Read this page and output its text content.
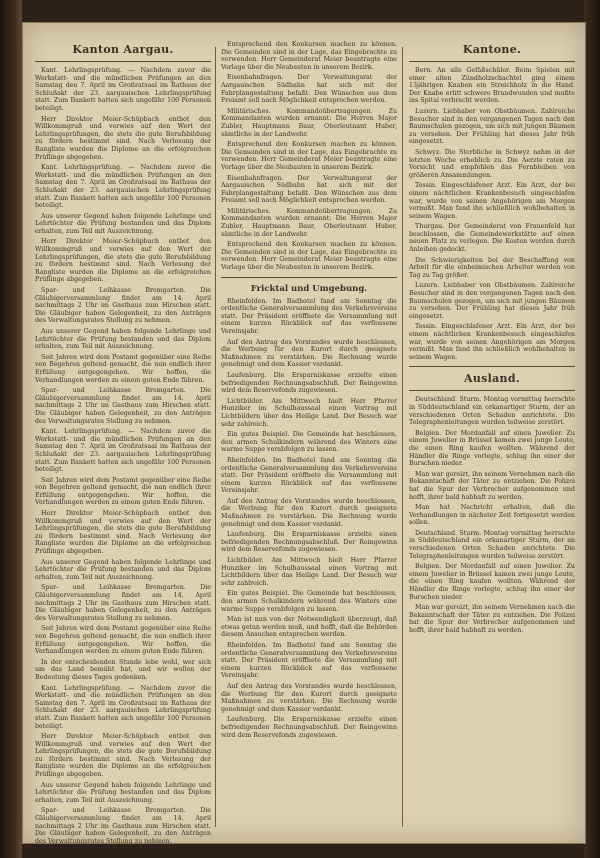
Kanton Aargau.

Kant. Lehrlingsprüfung. — Nachdem zuvor die Werkstatt- und die mündlichen Prüfungen an den Samstag den 7. April im Großratsaal im Rathaus der Schlußakt der 23. aargauischen Lehrlingsprüfung statt. Zum Bankett hatten sich ungefähr 100 Personen beteiligt.

Herr Direktor Meier-Schüpbach entbot den Willkommgruß und verwies auf den Wert der Lehrlingsprüfungen, die stets die gute Berufsbildung zu fördern bestimmt sind. Nach Verlesung der Rangliste wurden die Diplome an die erfolgreichen Prüflinge abgegeben.

Kant. Lehrlingsprüfung. — Nachdem zuvor die Werkstatt- und die mündlichen Prüfungen an den Samstag den 7. April im Großratsaal im Rathaus der Schlußakt der 23. aargauischen Lehrlingsprüfung statt. Zum Bankett hatten sich ungefähr 100 Personen beteiligt.

Aus unserer Gegend haben folgende Lehrlinge und Lehrtöchter die Prüfung bestanden und das Diplom erhalten, zum Teil mit Auszeichnung.

Herr Direktor Meier-Schüpbach entbot den Willkommgruß und verwies auf den Wert der Lehrlingsprüfungen, die stets die gute Berufsbildung zu fördern bestimmt sind. Nach Verlesung der Rangliste wurden die Diplome an die erfolgreichen Prüflinge abgegeben.

Spar- und Leihkasse Bremgarten. Die Gläubigerversammlung findet am 14. April nachmittags 2 Uhr im Gasthaus zum Hirschen statt. Die Gläubiger haben Gelegenheit, zu den Anträgen des Verwaltungsrates Stellung zu nehmen.

Aus unserer Gegend haben folgende Lehrlinge und Lehrtöchter die Prüfung bestanden und das Diplom erhalten, zum Teil mit Auszeichnung.

Seit Jahren wird dem Postamt gegenüber eine Reihe von Begehren geltend gemacht, die nun endlich ihrer Erfüllung entgegengehen. Wir hoffen, die Verhandlungen werden zu einem guten Ende führen.

Spar- und Leihkasse Bremgarten. Die Gläubigerversammlung findet am 14. April nachmittags 2 Uhr im Gasthaus zum Hirschen statt. Die Gläubiger haben Gelegenheit, zu den Anträgen des Verwaltungsrates Stellung zu nehmen.

Kant. Lehrlingsprüfung. — Nachdem zuvor die Werkstatt- und die mündlichen Prüfungen an den Samstag den 7. April im Großratsaal im Rathaus der Schlußakt der 23. aargauischen Lehrlingsprüfung statt. Zum Bankett hatten sich ungefähr 100 Personen beteiligt.

Seit Jahren wird dem Postamt gegenüber eine Reihe von Begehren geltend gemacht, die nun endlich ihrer Erfüllung entgegengehen. Wir hoffen, die Verhandlungen werden zu einem guten Ende führen.

Herr Direktor Meier-Schüpbach entbot den Willkommgruß und verwies auf den Wert der Lehrlingsprüfungen, die stets die gute Berufsbildung zu fördern bestimmt sind. Nach Verlesung der Rangliste wurden die Diplome an die erfolgreichen Prüflinge abgegeben.

Aus unserer Gegend haben folgende Lehrlinge und Lehrtöchter die Prüfung bestanden und das Diplom erhalten, zum Teil mit Auszeichnung.

Spar- und Leihkasse Bremgarten. Die Gläubigerversammlung findet am 14. April nachmittags 2 Uhr im Gasthaus zum Hirschen statt. Die Gläubiger haben Gelegenheit, zu den Anträgen des Verwaltungsrates Stellung zu nehmen.

Seit Jahren wird dem Postamt gegenüber eine Reihe von Begehren geltend gemacht, die nun endlich ihrer Erfüllung entgegengehen. Wir hoffen, die Verhandlungen werden zu einem guten Ende führen.

In der entscheidenden Stunde lebe wohl, wer sich um das Land bemüht hat, und wir wollen der Bedeutung dieses Tages gedenken.

Kant. Lehrlingsprüfung. — Nachdem zuvor die Werkstatt- und die mündlichen Prüfungen an den Samstag den 7. April im Großratsaal im Rathaus der Schlußakt der 23. aargauischen Lehrlingsprüfung statt. Zum Bankett hatten sich ungefähr 100 Personen beteiligt.

Herr Direktor Meier-Schüpbach entbot den Willkommgruß und verwies auf den Wert der Lehrlingsprüfungen, die stets die gute Berufsbildung zu fördern bestimmt sind. Nach Verlesung der Rangliste wurden die Diplome an die erfolgreichen Prüflinge abgegeben.

Aus unserer Gegend haben folgende Lehrlinge und Lehrtöchter die Prüfung bestanden und das Diplom erhalten, zum Teil mit Auszeichnung.

Spar- und Leihkasse Bremgarten. Die Gläubigerversammlung findet am 14. April nachmittags 2 Uhr im Gasthaus zum Hirschen statt. Die Gläubiger haben Gelegenheit, zu den Anträgen des Verwaltungsrates Stellung zu nehmen.

Entsprechend den Konkursen machen zu können. Die Gemeinden sind in der Lage, das Eingebrachte zu verwenden. Herr Gemeinderat Meier beantragte eine Vorlage über die Neubauten in unserem Bezirk.

Eisenbahnfragen. Der Verwaltungsrat der Aargauischen Südbahn hat sich mit der Fahrplangestaltung befaßt. Den Wünschen aus dem Freiamt soll nach Möglichkeit entsprochen werden.

Militärisches. Kommandoübertragungen. Zu Kommandanten wurden ernannt: Die Herren Major Zubler, Hauptmann Baur, Oberleutnant Huber, sämtliche in der Landwehr.

Entsprechend den Konkursen machen zu können. Die Gemeinden sind in der Lage, das Eingebrachte zu verwenden. Herr Gemeinderat Meier beantragte eine Vorlage über die Neubauten in unserem Bezirk.

Eisenbahnfragen. Der Verwaltungsrat der Aargauischen Südbahn hat sich mit der Fahrplangestaltung befaßt. Den Wünschen aus dem Freiamt soll nach Möglichkeit entsprochen werden.

Militärisches. Kommandoübertragungen. Zu Kommandanten wurden ernannt: Die Herren Major Zubler, Hauptmann Baur, Oberleutnant Huber, sämtliche in der Landwehr.

Entsprechend den Konkursen machen zu können. Die Gemeinden sind in der Lage, das Eingebrachte zu verwenden. Herr Gemeinderat Meier beantragte eine Vorlage über die Neubauten in unserem Bezirk.

Fricktal und Umgebung.

Rheinfelden. Im Badhotel fand am Sonntag die ordentliche Generalversammlung des Verkehrsvereins statt. Der Präsident eröffnete die Versammlung mit einem kurzen Rückblick auf das verflossene Vereinsjahr.

Auf den Antrag des Vorstandes wurde beschlossen, die Werbung für den Kurort durch geeignete Maßnahmen zu verstärken. Die Rechnung wurde genehmigt und dem Kassier verdankt.

Laufenburg. Die Ersparniskasse erzielte einen befriedigenden Rechnungsabschluß. Der Reingewinn wird dem Reservefonds zugewiesen.

Lichtbilder. Am Mittwoch hielt Herr Pfarrer Hunziker im Schulhaussaal einen Vortrag mit Lichtbildern über das Heilige Land. Der Besuch war sehr zahlreich.

Ein gutes Beispiel. Die Gemeinde hat beschlossen, den armen Schulkindern während des Winters eine warme Suppe verabfolgen zu lassen.

Rheinfelden. Im Badhotel fand am Sonntag die ordentliche Generalversammlung des Verkehrsvereins statt. Der Präsident eröffnete die Versammlung mit einem kurzen Rückblick auf das verflossene Vereinsjahr.

Auf den Antrag des Vorstandes wurde beschlossen, die Werbung für den Kurort durch geeignete Maßnahmen zu verstärken. Die Rechnung wurde genehmigt und dem Kassier verdankt.

Laufenburg. Die Ersparniskasse erzielte einen befriedigenden Rechnungsabschluß. Der Reingewinn wird dem Reservefonds zugewiesen.

Lichtbilder. Am Mittwoch hielt Herr Pfarrer Hunziker im Schulhaussaal einen Vortrag mit Lichtbildern über das Heilige Land. Der Besuch war sehr zahlreich.

Ein gutes Beispiel. Die Gemeinde hat beschlossen, den armen Schulkindern während des Winters eine warme Suppe verabfolgen zu lassen.

Man ist nun von der Notwendigkeit überzeugt, daß etwas getan werden muß, und hofft, daß die Behörden diesem Ansuchen entsprechen werden.

Rheinfelden. Im Badhotel fand am Sonntag die ordentliche Generalversammlung des Verkehrsvereins statt. Der Präsident eröffnete die Versammlung mit einem kurzen Rückblick auf das verflossene Vereinsjahr.

Auf den Antrag des Vorstandes wurde beschlossen, die Werbung für den Kurort durch geeignete Maßnahmen zu verstärken. Die Rechnung wurde genehmigt und dem Kassier verdankt.

Laufenburg. Die Ersparniskasse erzielte einen befriedigenden Rechnungsabschluß. Der Reingewinn wird dem Reservefonds zugewiesen.

Kantone.

Bern. An alle Gefäßschüler. Beim Spielen mit einer alten Zündholzschachtel ging einem 13jährigen Knaben ein Streichholz in die Hand. Der Knabe erlitt schwere Brandwunden und mußte ins Spital verbracht werden.

Luzern. Liebhaber von Obstbäumen. Zahlreiche Besucher sind in den vergangenen Tagen nach den Baumschulen gezogen, um sich mit jungen Bäumen zu versehen. Der Frühling hat dieses Jahr früh eingesetzt.

Schwyz. Die Sterbliche in Schwyz nahm in der letzten Woche erheblich zu. Die Aerzte raten zu Vorsicht und empfehlen das Fernbleiben von größeren Ansammlungen.

Tessin. Eingeschlafener Arzt. Ein Arzt, der bei einem nächtlichen Krankenbesuch eingeschlafen war, wurde von seinen Angehörigen am Morgen vermißt. Man fand ihn schließlich wohlbehalten in seinem Wagen.

Thurgau. Der Gemeinderat von Frauenfeld hat beschlossen, die Gemeindewerkstätte auf einen neuen Platz zu verlegen. Die Kosten werden durch Anleihen gedeckt.

Die Schwierigkeiten bei der Beschaffung von Arbeit für die einheimischen Arbeiter werden von Tag zu Tag größer.

Luzern. Liebhaber von Obstbäumen. Zahlreiche Besucher sind in den vergangenen Tagen nach den Baumschulen gezogen, um sich mit jungen Bäumen zu versehen. Der Frühling hat dieses Jahr früh eingesetzt.

Tessin. Eingeschlafener Arzt. Ein Arzt, der bei einem nächtlichen Krankenbesuch eingeschlafen war, wurde von seinen Angehörigen am Morgen vermißt. Man fand ihn schließlich wohlbehalten in seinem Wagen.

Ausland.

Deutschland. Sturm. Montag vormittag herrschte in Süddeutschland ein orkanartiger Sturm, der an verschiedenen Orten Schaden anrichtete. Die Telegraphenleitungen wurden teilweise zerstört.

Belgien. Der Mordanfall auf einen Juwelier. Zu einem Juwelier in Brüssel kamen zwei junge Leute, die einen Ring kaufen wollten. Während der Händler die Ringe vorlegte, schlug ihn einer der Burschen nieder.

Man war gereizt, ihn seinem Vernehmen nach die Bekanntschaft der Täter zu entziehen. Die Polizei hat die Spur der Verbrecher aufgenommen und hofft, ihrer bald habhaft zu werden.

Man hat Nachricht erhalten, daß die Verhandlungen in nächster Zeit fortgesetzt werden sollen.

Deutschland. Sturm. Montag vormittag herrschte in Süddeutschland ein orkanartiger Sturm, der an verschiedenen Orten Schaden anrichtete. Die Telegraphenleitungen wurden teilweise zerstört.

Belgien. Der Mordanfall auf einen Juwelier. Zu einem Juwelier in Brüssel kamen zwei junge Leute, die einen Ring kaufen wollten. Während der Händler die Ringe vorlegte, schlug ihn einer der Burschen nieder.

Man war gereizt, ihn seinem Vernehmen nach die Bekanntschaft der Täter zu entziehen. Die Polizei hat die Spur der Verbrecher aufgenommen und hofft, ihrer bald habhaft zu werden.
